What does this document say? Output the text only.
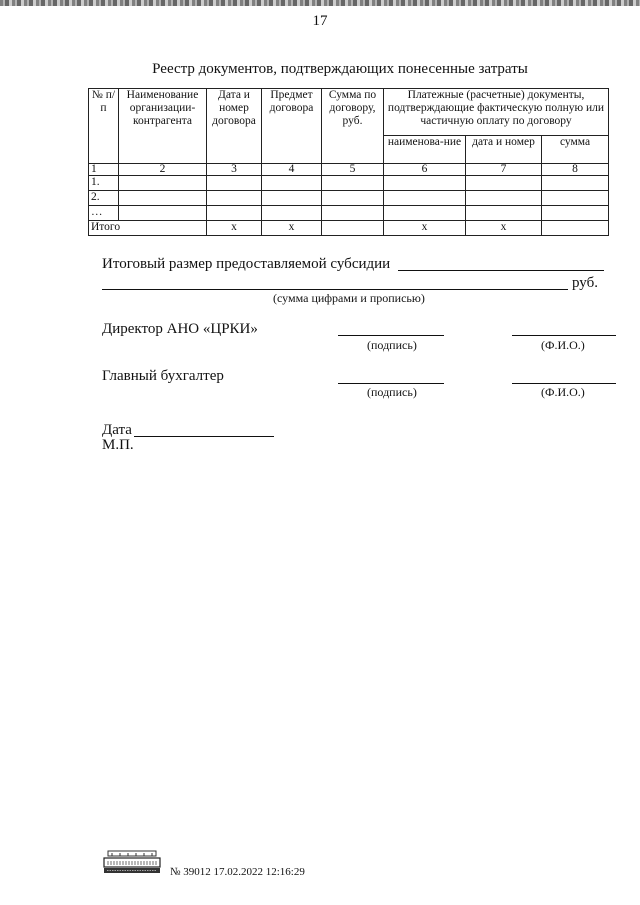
17
Реестр документов, подтверждающих понесенные затраты
№ п/п	Наименование организации-контрагента	Дата и номер договора	Предмет договора	Сумма по договору, руб.	Платежные (расчетные) документы, подтверждающие фактическую полную или частичную оплату по договору		
					наименова-ние	дата и номер	сумма
1	2	3	4	5	6	7	8
1.							
2.							
…							
Итого		x	x		x	x	
Итоговый размер предоставляемой субсидии
руб.
(сумма цифрами и прописью)
Директор АНО «ЦРКИ»
(подпись)	(Ф.И.О.)
Главный бухгалтер
(подпись)	(Ф.И.О.)
Дата
М.П.
№ 39012 17.02.2022 12:16:29
